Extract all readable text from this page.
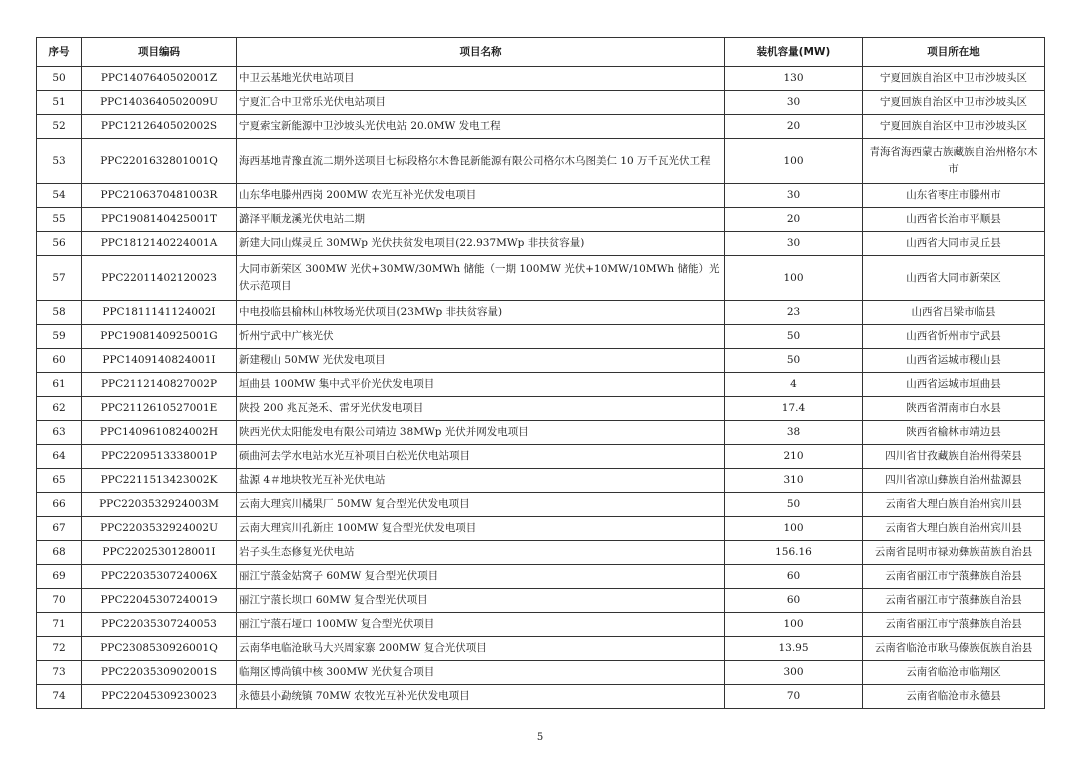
序号	项目编码	项目名称	装机容量(MW)	项目所在地
50	PPC1407640502001Z	中卫云基地光伏电站项目	130	宁夏回族自治区中卫市沙坡头区
51	PPC1403640502009U	宁夏汇合中卫常乐光伏电站项目	30	宁夏回族自治区中卫市沙坡头区
52	PPC1212640502002S	宁夏索宝新能源中卫沙坡头光伏电站 20.0MW 发电工程	20	宁夏回族自治区中卫市沙坡头区
53	PPC2201632801001Q	海西基地青豫直流二期外送项目七标段格尔木鲁昆新能源有限公司格尔木乌图美仁 10 万千瓦光伏工程	100	青海省海西蒙古族藏族自治州格尔木市
54	PPC2106370481003R	山东华电滕州西岗 200MW 农光互补光伏发电项目	30	山东省枣庄市滕州市
55	PPC1908140425001T	潞泽平顺龙溪光伏电站二期	20	山西省长治市平顺县
56	PPC1812140224001A	新建大同山煤灵丘 30MWp 光伏扶贫发电项目(22.937MWp 非扶贫容量)	30	山西省大同市灵丘县
57	PPC2201140212002З	大同市新荣区 300MW 光伏+30MW/30MWh 储能（一期 100MW 光伏+10MW/10MWh 储能）光伏示范项目	100	山西省大同市新荣区
58	PPC1811141124002I	中电投临县榆林山林牧场光伏项目(23MWp 非扶贫容量)	23	山西省吕梁市临县
59	PPC1908140925001G	忻州宁武中广核光伏	50	山西省忻州市宁武县
60	PPC1409140824001I	新建稷山 50MW 光伏发电项目	50	山西省运城市稷山县
61	PPC2112140827002P	垣曲县 100MW 集中式平价光伏发电项目	4	山西省运城市垣曲县
62	PPC2112610527001E	陕投 200 兆瓦尧禾、雷牙光伏发电项目	17.4	陕西省渭南市白水县
63	PPC1409610824002H	陕西光伏太阳能发电有限公司靖边 38MWp 光伏并网发电项目	38	陕西省榆林市靖边县
64	PPC2209513338001P	硕曲河去学水电站水光互补项目白松光伏电站项目	210	四川省甘孜藏族自治州得荣县
65	PPC2211513423002K	盐源 4＃地块牧光互补光伏电站	310	四川省凉山彝族自治州盐源县
66	PPC2203532924003M	云南大理宾川橘果厂 50MW 复合型光伏发电项目	50	云南省大理白族自治州宾川县
67	PPC2203532924002U	云南大理宾川孔新庄 100MW 复合型光伏发电项目	100	云南省大理白族自治州宾川县
68	PPC2202530128001I	岩子头生态修复光伏电站	156.16	云南省昆明市禄劝彝族苗族自治县
69	PPC2203530724006X	丽江宁蒗金姑窝子 60MW 复合型光伏项目	60	云南省丽江市宁蒗彝族自治县
70	PPC2204530724001Э	丽江宁蒗长坝口 60MW 复合型光伏项目	60	云南省丽江市宁蒗彝族自治县
71	PPC22035307240053	丽江宁蒗石垭口 100MW 复合型光伏项目	100	云南省丽江市宁蒗彝族自治县
72	PPC2308530926001Q	云南华电临沧耿马大兴周家寨 200MW 复合光伏项目	13.95	云南省临沧市耿马傣族佤族自治县
73	PPC2203530902001S	临翔区博尚镇中核 300MW 光伏复合项目	300	云南省临沧市临翔区
74	PPC2204530923002З	永德县小勐统镇 70MW 农牧光互补光伏发电项目	70	云南省临沧市永德县
5
